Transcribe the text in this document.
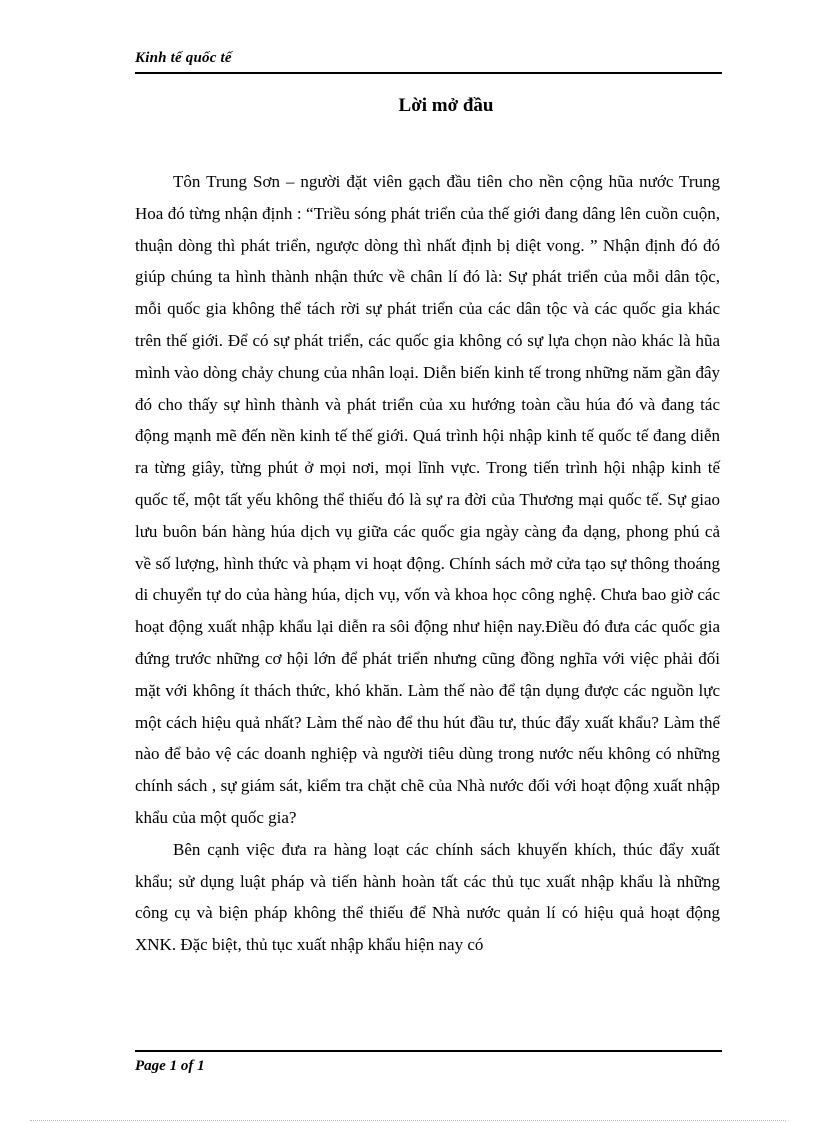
Kinh tế quốc tế
Lời mở đầu

Tôn Trung Sơn – người đặt viên gạch đầu tiên cho nền cộng hũa nước Trung Hoa đó từng nhận định : “Triều sóng phát triển của thế giới đang dâng lên cuồn cuộn, thuận dòng thì phát triển, ngược dòng thì nhất định bị diệt vong. ” Nhận định đó đó giúp chúng ta hình thành nhận thức về chân lí đó là: Sự phát triển của mỗi dân tộc, mỗi quốc gia không thể tách rời sự phát triển của các dân tộc và các quốc gia khác trên thế giới. Để có sự phát triển, các quốc gia không có sự lựa chọn nào khác là hũa mình vào dòng chảy chung của nhân loại. Diễn biến kinh tế trong những năm gần đây đó cho thấy sự hình thành và phát triển của xu hướng toàn cầu húa đó và đang tác động mạnh mẽ đến nền kinh tế thế giới. Quá trình hội nhập kinh tế quốc tế đang diễn ra từng giây, từng phút ở mọi nơi, mọi lĩnh vực. Trong tiến trình hội nhập kinh tế quốc tế, một tất yếu không thể thiếu đó là sự ra đời của Thương mại quốc tế. Sự giao lưu buôn bán hàng húa dịch vụ giữa các quốc gia ngày càng đa dạng, phong phú cả về số lượng, hình thức và phạm vi hoạt động. Chính sách mở cửa tạo sự thông thoáng di chuyển tự do của hàng húa, dịch vụ, vốn và khoa học công nghệ. Chưa bao giờ các hoạt động xuất nhập khẩu lại diễn ra sôi động như hiện nay.Điều đó đưa các quốc gia đứng trước những cơ hội lớn để phát triển nhưng cũng đồng nghĩa với việc phải đối mặt với không ít thách thức, khó khăn. Làm thế nào để tận dụng được các nguồn lực một cách hiệu quả nhất? Làm thế nào để thu hút đầu tư, thúc đẩy xuất khẩu? Làm thế nào để bảo vệ các doanh nghiệp và người tiêu dùng trong nước nếu không có những chính sách , sự giám sát, kiểm tra chặt chẽ của Nhà nước đối với hoạt động xuất nhập khẩu của một quốc gia?

Bên cạnh việc đưa ra hàng loạt các chính sách khuyến khích, thúc đẩy xuất khẩu; sử dụng luật pháp và tiến hành hoàn tất các thủ tục xuất nhập khẩu là những công cụ và biện pháp không thể thiếu để Nhà nước quản lí có hiệu quả hoạt động XNK. Đặc biệt, thủ tục xuất nhập khẩu hiện nay có

Page 1 of 1
